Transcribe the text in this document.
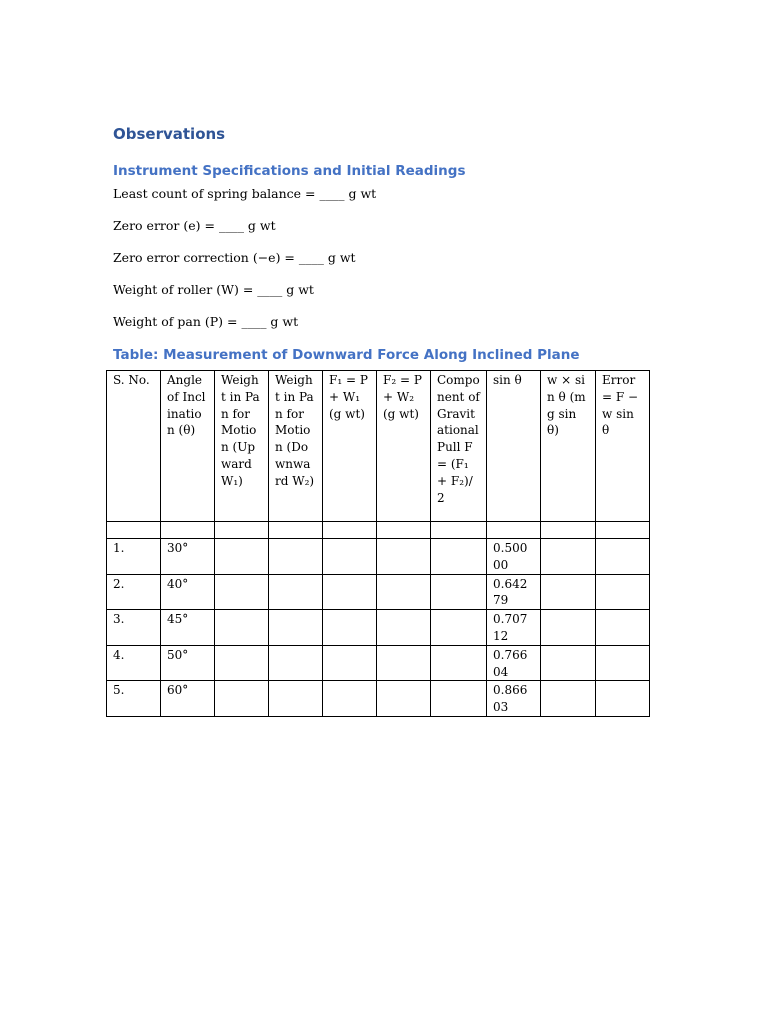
Observations
Instrument Specifications and Initial Readings
Least count of spring balance = ____ g wt
Zero error (e) = ____ g wt
Zero error correction (−e) = ____ g wt
Weight of roller (W) = ____ g wt
Weight of pan (P) = ____ g wt
Table: Measurement of Downward Force Along Inclined Plane
S. No.	Angle of Inclination (θ)	Weight in Pan for Motion (Upward W₁)	Weight in Pan for Motion (Downward W₂)	F₁ = P + W₁ (g wt)	F₂ = P + W₂ (g wt)	Component of Gravitational Pull F = (F₁ + F₂)/2	sin θ	w × sin θ (mg sin θ)	Error = F − w sin θ

1.	30°						0.50000		
2.	40°						0.64279		
3.	45°						0.70712		
4.	50°						0.76604		
5.	60°						0.86603		
